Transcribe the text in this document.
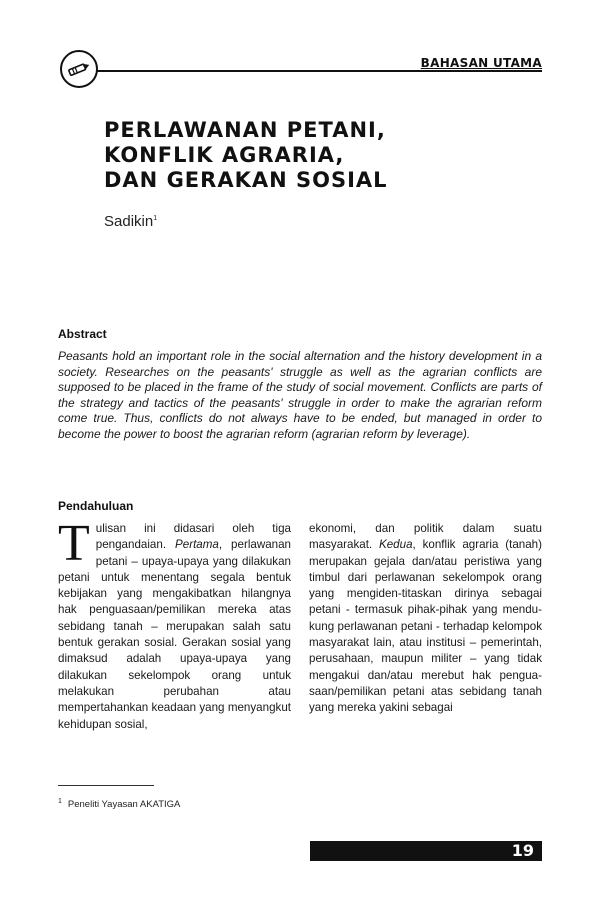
BAHASAN UTAMA
PERLAWANAN PETANI,
KONFLIK AGRARIA,
DAN GERAKAN SOSIAL
Sadikin$^1$
Abstract
Peasants hold an important role in the social alternation and the history development in a society. Researches on the peasants' struggle as well as the agrarian conflicts are supposed to be placed in the frame of the study of social movement. Conflicts are parts of the strategy and tactics of the peasants' struggle in order to make the agrarian reform come true. Thus, conflicts do not always have to be ended, but managed in order to become the power to boost the agrarian reform (agrarian reform by leverage).
Pendahuluan

Tulisan ini didasari oleh tiga pengandaian. Pertama, perlawanan petani – upaya-upaya yang dilakukan petani untuk menentang segala bentuk kebijakan yang mengakibatkan hilangnya hak penguasaan/pemilikan mereka atas sebidang tanah – merupakan salah satu bentuk gerakan sosial. Gerakan sosial yang dimaksud adalah upaya-upaya yang dilakukan sekelompok orang untuk melakukan perubahan atau mempertahankan keadaan yang menyangkut kehidupan sosial,

ekonomi, dan politik dalam suatu masyarakat. Kedua, konflik agraria (tanah) merupakan gejala dan/atau peristiwa yang timbul dari perlawanan sekelompok orang yang mengiden-titaskan dirinya sebagai petani - termasuk pihak-pihak yang mendu-kung perlawanan petani - terhadap kelompok masyarakat lain, atau institusi – pemerintah, perusahaan, maupun militer – yang tidak mengakui dan/atau merebut hak pengua-saan/pemilikan petani atas sebidang tanah yang mereka yakini sebagai

$^1$ Peneliti Yayasan AKATIGA
19
